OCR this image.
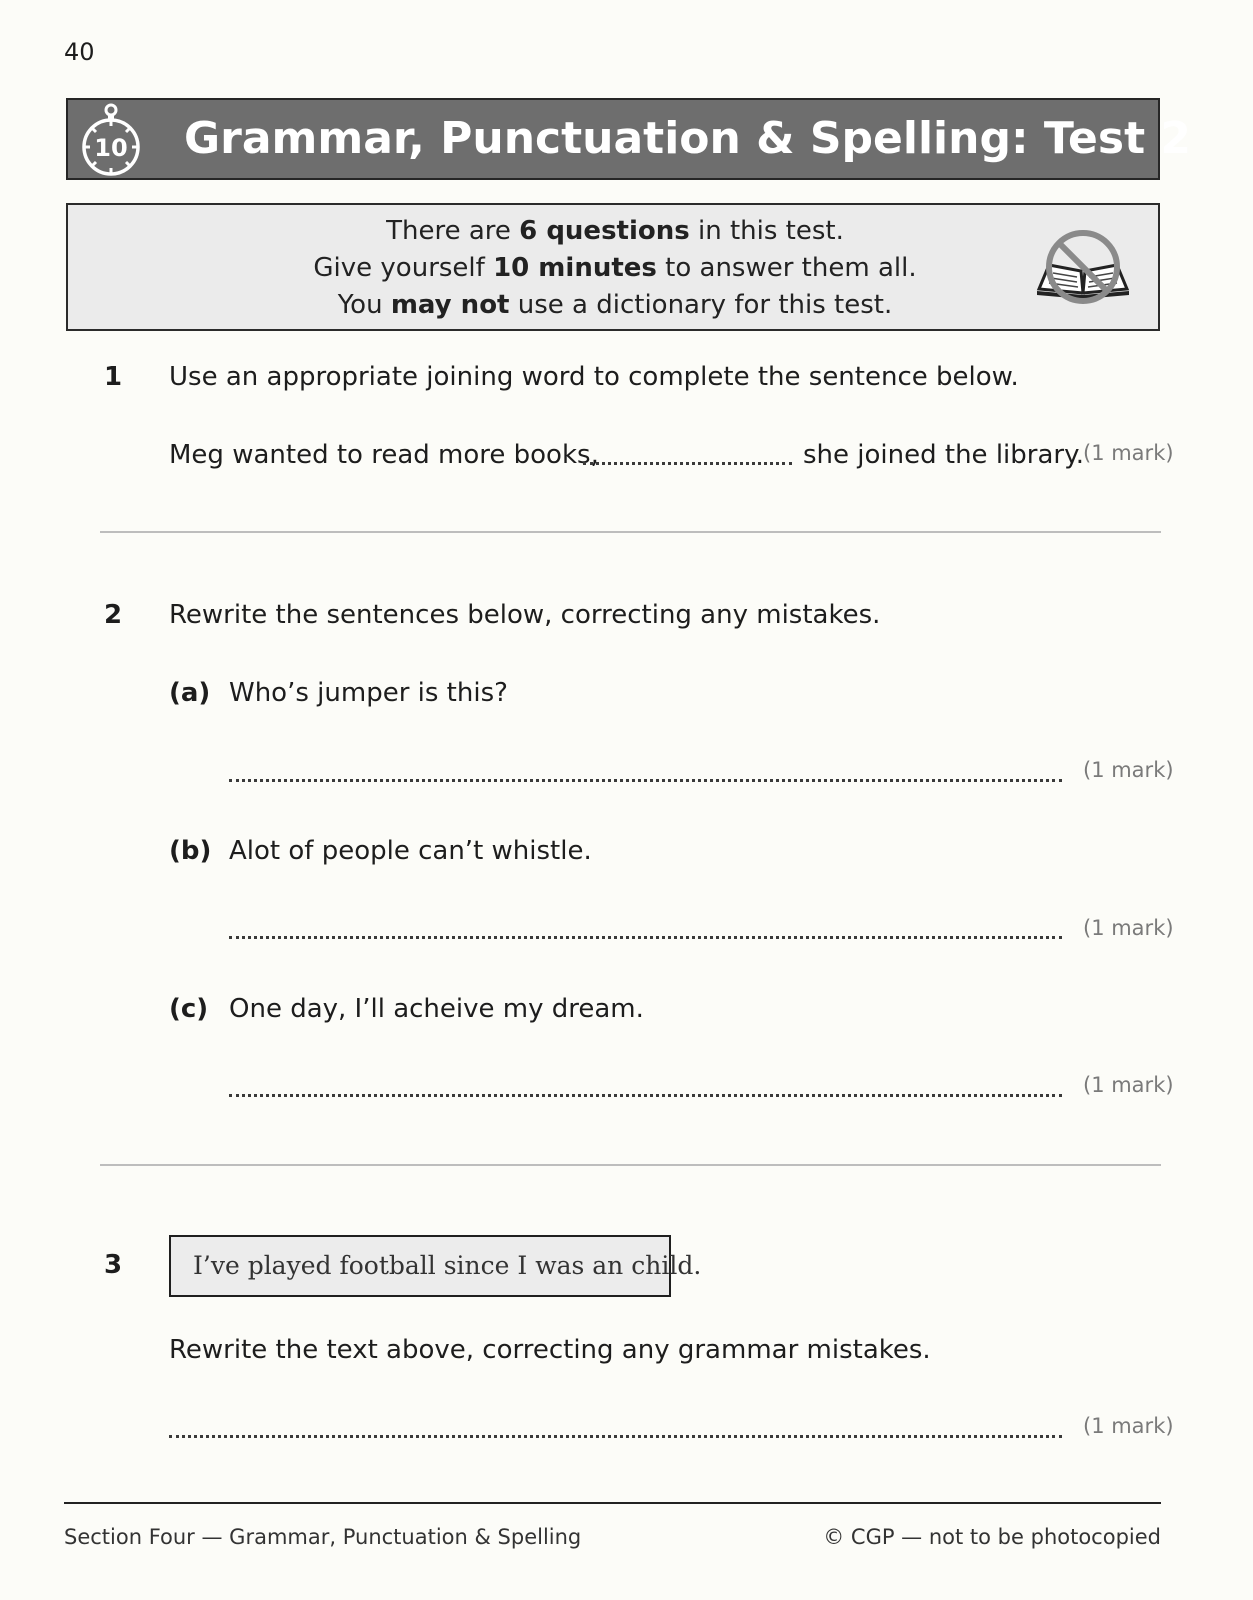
40
10 Grammar, Punctuation & Spelling: Test 2
There are 6 questions in this test.
Give yourself 10 minutes to answer them all.
You may not use a dictionary for this test.
1 Use an appropriate joining word to complete the sentence below.
Meg wanted to read more books,	she joined the library.
(1 mark)
2 Rewrite the sentences below, correcting any mistakes.
(a) Who’s jumper is this?
(1 mark)
(b) Alot of people can’t whistle.
(1 mark)
(c) One day, I’ll acheive my dream.
(1 mark)
3	I’ve played football since I was an child.
Rewrite the text above, correcting any grammar mistakes.
(1 mark)
Section Four — Grammar, Punctuation & Spelling	© CGP — not to be photocopied
